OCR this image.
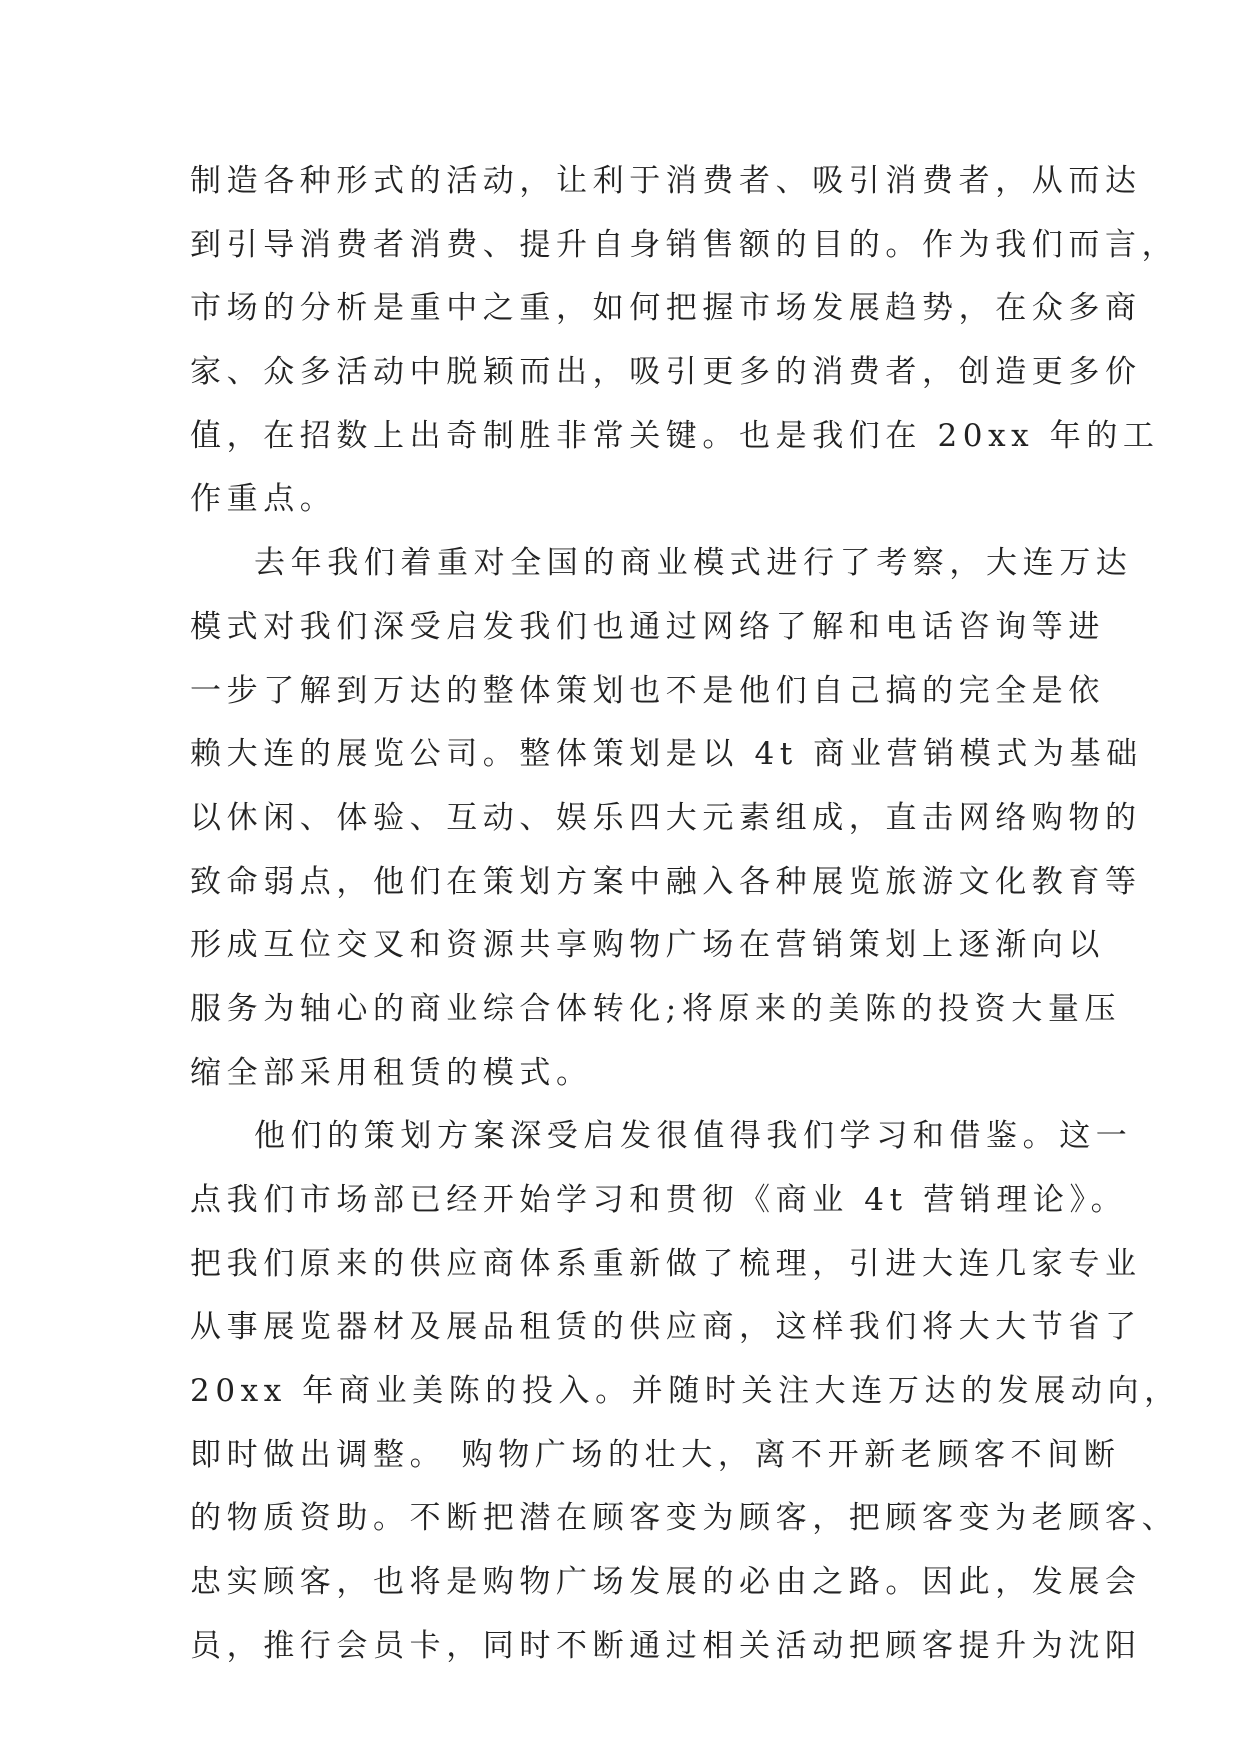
制造各种形式的活动，让利于消费者、吸引消费者，从而达
到引导消费者消费、提升自身销售额的目的。作为我们而言，
市场的分析是重中之重，如何把握市场发展趋势，在众多商
家、众多活动中脱颖而出，吸引更多的消费者，创造更多价
值，在招数上出奇制胜非常关键。也是我们在 20xx 年的工
作重点。
去年我们着重对全国的商业模式进行了考察，大连万达
模式对我们深受启发我们也通过网络了解和电话咨询等进
一步了解到万达的整体策划也不是他们自己搞的完全是依
赖大连的展览公司。整体策划是以 4t 商业营销模式为基础
以休闲、体验、互动、娱乐四大元素组成，直击网络购物的
致命弱点，他们在策划方案中融入各种展览旅游文化教育等
形成互位交叉和资源共享购物广场在营销策划上逐渐向以
服务为轴心的商业综合体转化;将原来的美陈的投资大量压
缩全部采用租赁的模式。
他们的策划方案深受启发很值得我们学习和借鉴。这一
点我们市场部已经开始学习和贯彻《商业 4t 营销理论》。
把我们原来的供应商体系重新做了梳理，引进大连几家专业
从事展览器材及展品租赁的供应商，这样我们将大大节省了
20xx 年商业美陈的投入。并随时关注大连万达的发展动向，
即时做出调整。 购物广场的壮大，离不开新老顾客不间断
的物质资助。不断把潜在顾客变为顾客，把顾客变为老顾客、
忠实顾客，也将是购物广场发展的必由之路。因此，发展会
员，推行会员卡，同时不断通过相关活动把顾客提升为沈阳
